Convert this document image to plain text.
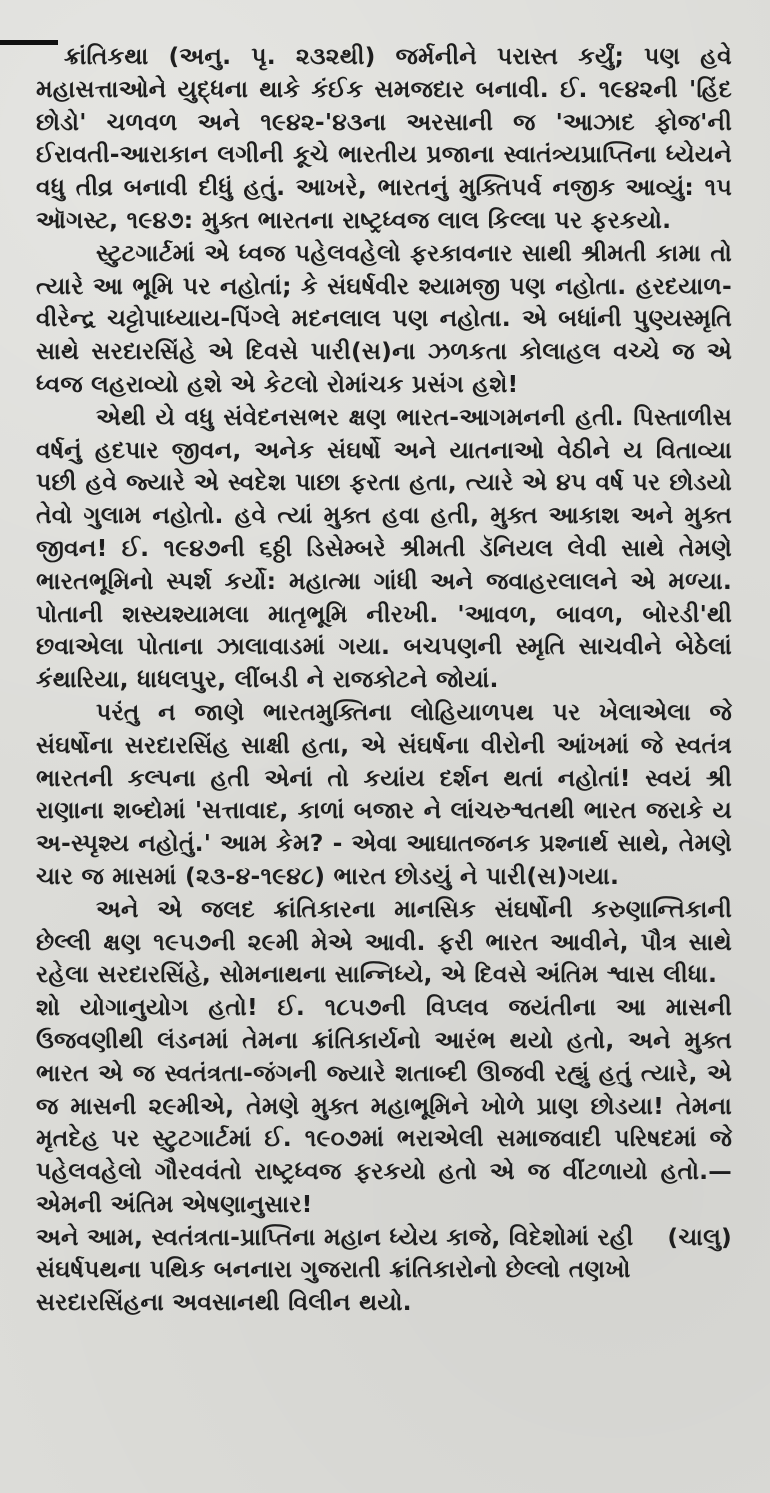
ક્રાંતિકથા (અનુ. પૃ. ૨૩૨થી) જર્મનીને પરાસ્ત કર્યું; પણ હવે મહાસત્તાઓને યુદ્ધના થાકે કંઈક સમજદાર બનાવી. ઈ. ૧૯૪૨ની 'હિંદ છોડો' ચળવળ અને ૧૯૪૨-'૪૩ના અરસાની જ 'આઝાદ ફોજ'ની ઈરાવતી-આરાકાન લગીની કૂચે ભારતીય પ્રજાના સ્વાતંત્ર્યપ્રાપ્તિના ધ્યેયને વધુ તીવ્ર બનાવી દીધું હતું. આખરે, ભારતનું મુક્તિપર્વ નજીક આવ્યું: ૧૫ ઑગસ્ટ, ૧૯૪૭: મુક્ત ભારતના રાષ્ટ્રધ્વજ લાલ કિલ્લા પર ફરકયો.

સ્ટુટગાર્ટમાં એ ધ્વજ પહેલવહેલો ફરકાવનાર સાથી શ્રીમતી કામા તો ત્યારે આ ભૂમિ પર નહોતાં; કે સંઘર્ષવીર શ્યામજી પણ નહોતા. હરદયાળ-વીરેન્દ્ર ચટ્ટોપાધ્યાય-પિંગ્લે મદનલાલ પણ નહોતા. એ બધાંની પુણ્યસ્મૃતિ સાથે સરદારસિંહે એ દિવસે પારી(સ)ના ઝળકતા કોલાહલ વચ્ચે જ એ ધ્વજ લહરાવ્યો હશે એ કેટલો રોમાંચક પ્રસંગ હશે!

એથી યે વધુ સંવેદનસભર ક્ષણ ભારત-આગમનની હતી. પિસ્તાળીસ વર્ષનું હદપાર જીવન, અનેક સંઘર્ષો અને યાતનાઓ વેઠીને ય વિતાવ્યા પછી હવે જ્યારે એ સ્વદેશ પાછા ફરતા હતા, ત્યારે એ ૪૫ વર્ષ પર છોડયો તેવો ગુલામ નહોતો. હવે ત્યાં મુક્ત હવા હતી, મુક્ત આકાશ અને મુક્ત જીવન! ઈ. ૧૯૪૭ની ૬ઠ્ઠી ડિસેમ્બરે શ્રીમતી ડૅનિયલ લેવી સાથે તેમણે ભારતભૂમિનો સ્પર્શ કર્યો: મહાત્મા ગાંધી અને જવાહરલાલને એ મળ્યા. પોતાની શસ્યશ્યામલા માતૃભૂમિ નીરખી. 'આવળ, બાવળ, બોરડી'થી છવાએલા પોતાના ઝાલાવાડમાં ગયા. બચપણની સ્મૃતિ સાચવીને બેઠેલાં કંથારિયા, ધાધલપુર, લીંબડી ને રાજકોટને જોયાં.

પરંતુ ન જાણે ભારતમુક્તિના લોહિયાળપથ પર ખેલાએલા જે સંઘર્ષોના સરદારસિંહ સાક્ષી હતા, એ સંઘર્ષના વીરોની આંખમાં જે સ્વતંત્ર ભારતની કલ્પના હતી એનાં તો કયાંય દર્શન થતાં નહોતાં! સ્વયં શ્રી રાણાના શબ્દોમાં 'સત્તાવાદ, કાળાં બજાર ને લાંચરુશ્વતથી ભારત જરાકે ય અ-સ્પૃશ્ય નહોતું.' આમ કેમ? - એવા આઘાતજનક પ્રશ્નાર્થ સાથે, તેમણે ચાર જ માસમાં (૨૩-૪-૧૯૪૮) ભારત છોડયું ને પારી(સ)ગયા.

અને એ જલદ ક્રાંતિકારના માનસિક સંઘર્ષોની કરુણાન્તિકાની છેલ્લી ક્ષણ ૧૯૫૭ની ૨૯મી મેએ આવી. ફરી ભારત આવીને, પૌત્ર સાથે રહેલા સરદારસિંહે, સોમનાથના સાન્નિધ્યે, એ દિવસે અંતિમ શ્વાસ લીધા.

શો યોગાનુયોગ હતો! ઈ. ૧૮૫૭ની વિપ્લવ જયંતીના આ માસની ઉજવણીથી લંડનમાં તેમના ક્રાંતિકાર્યનો આરંભ થયો હતો, અને મુક્ત ભારત એ જ સ્વતંત્રતા-જંગની જ્યારે શતાબ્દી ઊજવી રહ્યું હતું ત્યારે, એ જ માસની ૨૯મીએ, તેમણે મુક્ત મહાભૂમિને ખોળે પ્રાણ છોડયા! તેમના મૃતદેહ પર સ્ટુટગાર્ટમાં ઈ. ૧૯૦૭માં ભરાએલી સમાજવાદી પરિષદમાં જે પહેલવહેલો ગૌરવવંતો રાષ્ટ્રધ્વજ ફરકયો હતો એ જ વીંટળાયો હતો.—એમની અંતિમ એષણાનુસાર!

અને આમ, સ્વતંત્રતા-પ્રાપ્તિના મહાન ધ્યેય કાજે, વિદેશોમાં રહી સંઘર્ષપથના પથિક બનનારા ગુજરાતી ક્રાંતિકારોનો છેલ્લો તણખો સરદારસિંહના અવસાનથી વિલીન થયો.
(ચાલુ)
